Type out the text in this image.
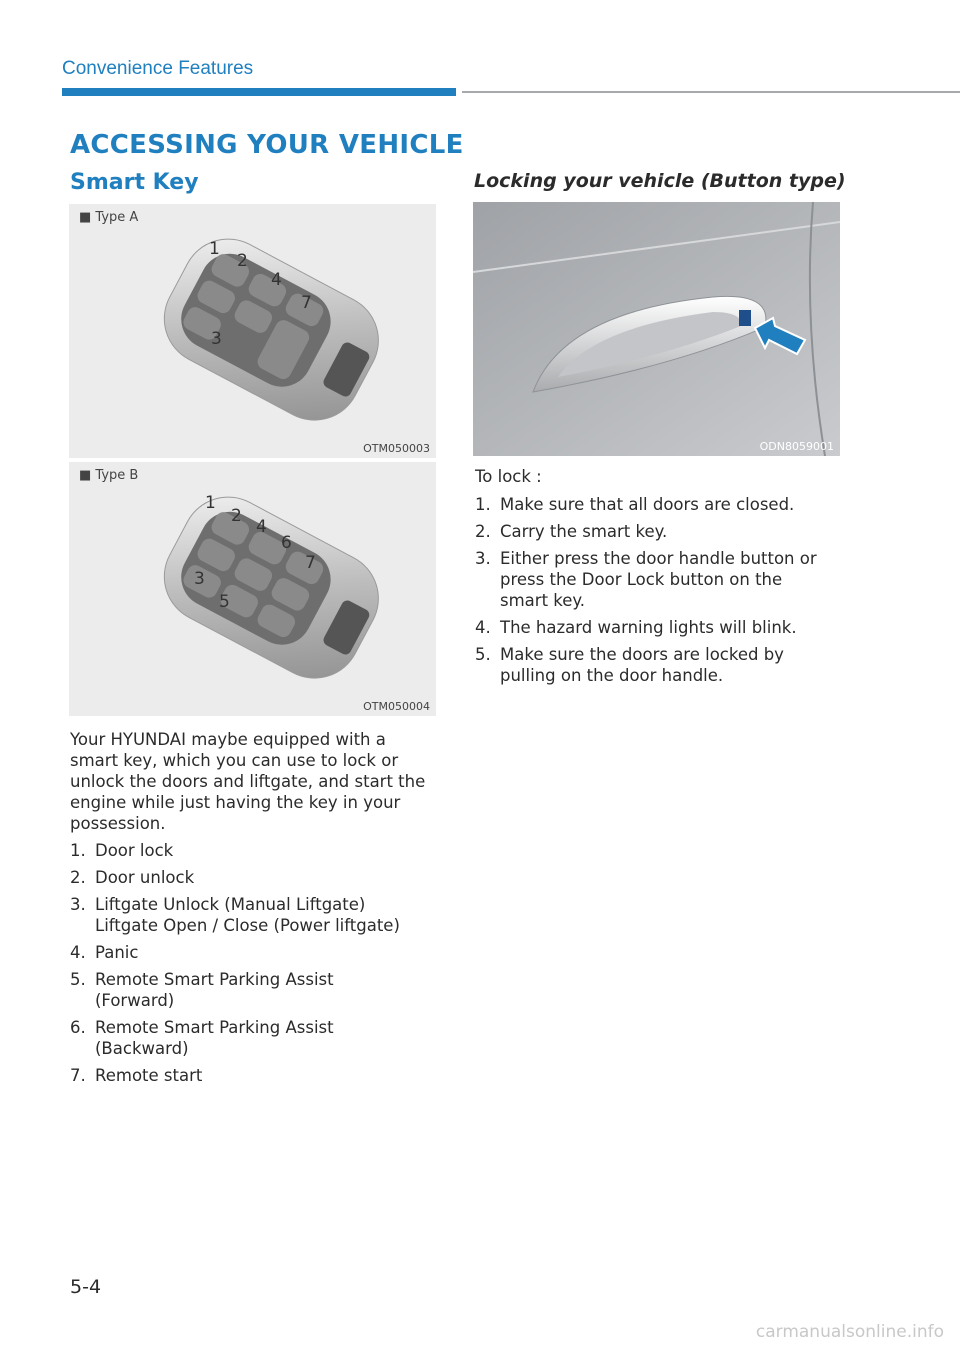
Convenience Features
ACCESSING YOUR VEHICLE
Smart Key	Locking your vehicle (Button type)
■ Type A
1
2
4
7
3
OTM050003
■ Type B
1
2
4
6
7
3
5
OTM050004
Your HYUNDAI maybe equipped with a smart key, which you can use to lock or unlock the doors and liftgate, and start the engine while just having the key in your possession.
1. Door lock
2. Door unlock
3. Liftgate Unlock (Manual Liftgate) Liftgate Open / Close (Power liftgate)
4. Panic
5. Remote Smart Parking Assist (Forward)
6. Remote Smart Parking Assist (Backward)
7. Remote start
ODN8059001
To lock :
1. Make sure that all doors are closed.
2. Carry the smart key.
3. Either press the door handle button or press the Door Lock button on the smart key.
4. The hazard warning lights will blink.
5. Make sure the doors are locked by pulling on the door handle.
5-4
carmanualsonline.info
